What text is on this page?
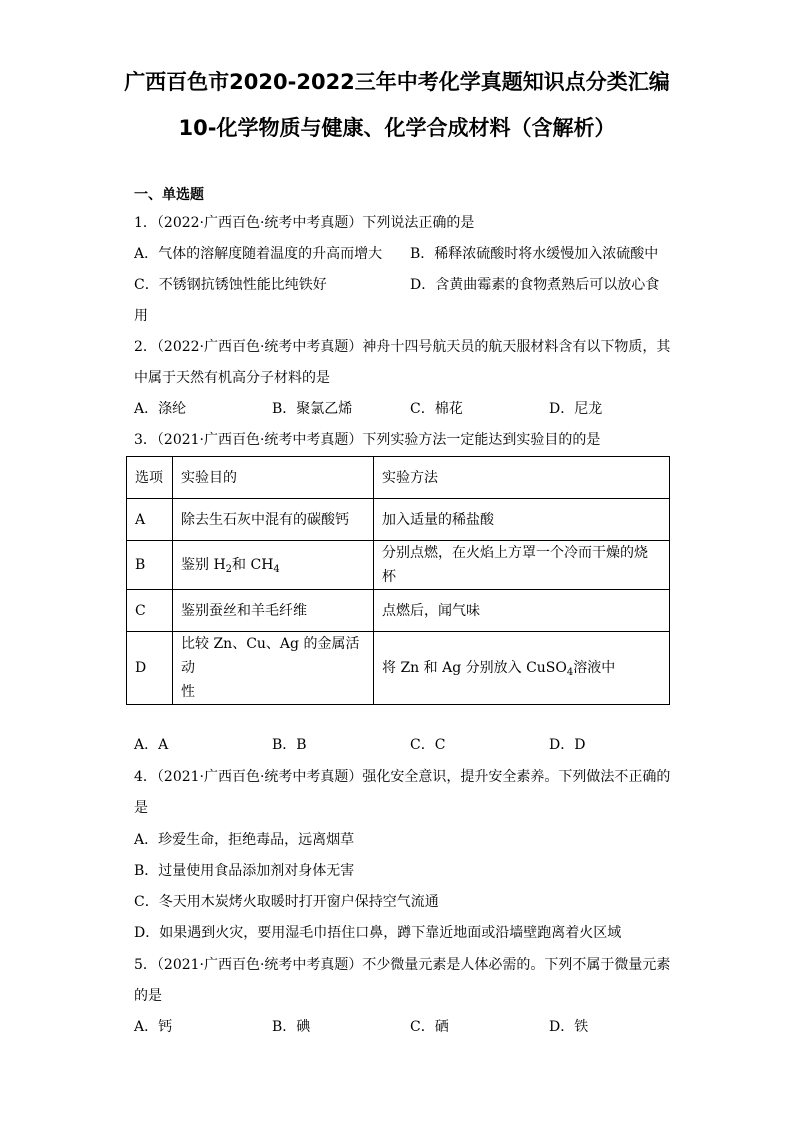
广西百色市2020-2022三年中考化学真题知识点分类汇编
10-化学物质与健康、化学合成材料（含解析）
一、单选题
1．（2022·广西百色·统考中考真题）下列说法正确的是
A．气体的溶解度随着温度的升高而增大 B．稀释浓硫酸时将水缓慢加入浓硫酸中
C．不锈钢抗锈蚀性能比纯铁好	D．含黄曲霉素的食物煮熟后可以放心食
用
2．（2022·广西百色·统考中考真题）神舟十四号航天员的航天服材料含有以下物质，其
中属于天然有机高分子材料的是
A．涤纶	B．聚氯乙烯	C．棉花	D．尼龙
3．（2021·广西百色·统考中考真题）下列实验方法一定能达到实验目的的是
选项	实验目的	实验方法
A	除去生石灰中混有的碳酸钙	加入适量的稀盐酸
B	鉴别 $H_2$和 $CH_4$	分别点燃，在火焰上方罩一个冷而干燥的烧杯
C	鉴别蚕丝和羊毛纤维	点燃后，闻气味
D	比较 Zn、Cu、Ag 的金属活动
性	将 Zn 和 Ag 分别放入 CuSO$_4$溶液中
A．A	B．B	C．C	D．D
4．（2021·广西百色·统考中考真题）强化安全意识，提升安全素养。下列做法不正确的
是
A．珍爱生命，拒绝毒品，远离烟草
B．过量使用食品添加剂对身体无害
C．冬天用木炭烤火取暖时打开窗户保持空气流通
D．如果遇到火灾，要用湿毛巾捂住口鼻，蹲下靠近地面或沿墙壁跑离着火区域
5．（2021·广西百色·统考中考真题）不少微量元素是人体必需的。下列不属于微量元素
的是
A．钙	B．碘	C．硒	D．铁
